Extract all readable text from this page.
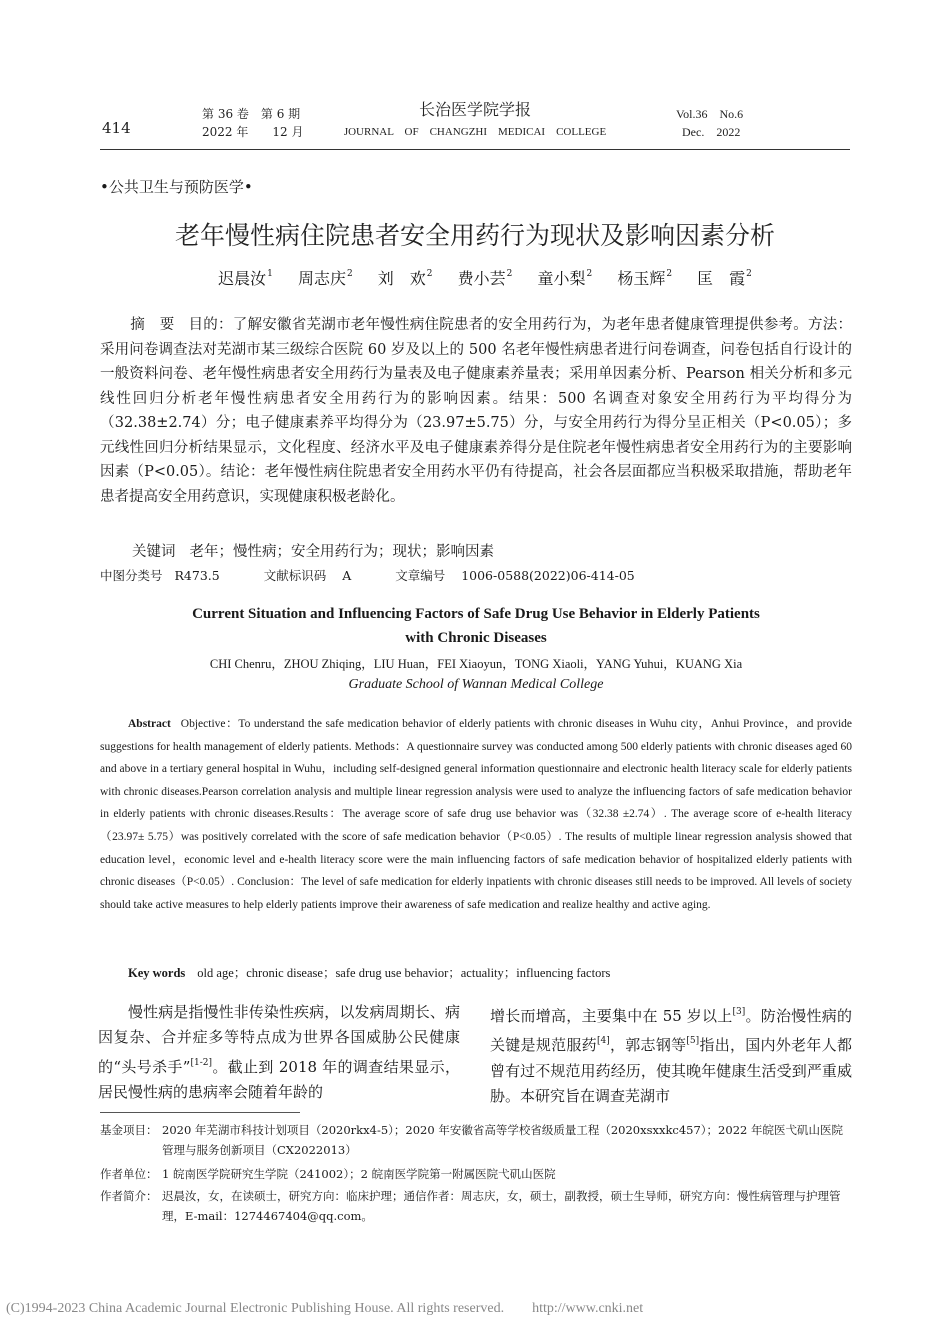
414
第 36 卷　第 6 期
2022 年　　12 月
长治医学院学报
JOURNAL　OF　CHANGZHI　MEDICAI　COLLEGE
Vol.36　No.6
Dec.　2022
•公共卫生与预防医学•
老年慢性病住院患者安全用药行为现状及影响因素分析
迟晨汝$^1$ 周志庆$^2$ 刘　欢$^2$ 费小芸$^2$ 童小梨$^2$ 杨玉辉$^2$ 匡　霞$^2$
摘　要 目的：了解安徽省芜湖市老年慢性病住院患者的安全用药行为，为老年患者健康管理提供参考。方法：采用问卷调查法对芜湖市某三级综合医院 60 岁及以上的 500 名老年慢性病患者进行问卷调查，问卷包括自行设计的一般资料问卷、老年慢性病患者安全用药行为量表及电子健康素养量表；采用单因素分析、Pearson 相关分析和多元线性回归分析老年慢性病患者安全用药行为的影响因素。结果：500 名调查对象安全用药行为平均得分为（32.38±2.74）分；电子健康素养平均得分为（23.97±5.75）分，与安全用药行为得分呈正相关（P<0.05）；多元线性回归分析结果显示，文化程度、经济水平及电子健康素养得分是住院老年慢性病患者安全用药行为的主要影响因素（P<0.05）。结论：老年慢性病住院患者安全用药水平仍有待提高，社会各层面都应当积极采取措施，帮助老年患者提高安全用药意识，实现健康积极老龄化。
关键词 老年；慢性病；安全用药行为；现状；影响因素
中图分类号 R473.5	文献标识码 A	文章编号 1006-0588(2022)06-414-05
Current Situation and Influencing Factors of Safe Drug Use Behavior in Elderly Patients
with Chronic Diseases
CHI Chenru，ZHOU Zhiqing，LIU Huan，FEI Xiaoyun，TONG Xiaoli，YANG Yuhui，KUANG Xia
Graduate School of Wannan Medical College
Abstract Objective：To understand the safe medication behavior of elderly patients with chronic diseases in Wuhu city，Anhui Province，and provide suggestions for health management of elderly patients. Methods：A questionnaire survey was conducted among 500 elderly patients with chronic diseases aged 60 and above in a tertiary general hospital in Wuhu，including self-designed general information questionnaire and electronic health literacy scale for elderly patients with chronic diseases.Pearson correlation analysis and multiple linear regression analysis were used to analyze the influencing factors of safe medication behavior in elderly patients with chronic diseases.Results：The average score of safe drug use behavior was（32.38 ±2.74）. The average score of e-health literacy（23.97± 5.75）was positively correlated with the score of safe medication behavior（P<0.05）. The results of multiple linear regression analysis showed that education level，economic level and e-health literacy score were the main influencing factors of safe medication behavior of hospitalized elderly patients with chronic diseases（P<0.05）. Conclusion：The level of safe medication for elderly inpatients with chronic diseases still needs to be improved. All levels of society should take active measures to help elderly patients improve their awareness of safe medication and realize healthy and active aging.
Key words old age；chronic disease；safe drug use behavior；actuality；influencing factors
慢性病是指慢性非传染性疾病，以发病周期长、病因复杂、合并症多等特点成为世界各国威胁公民健康的“头号杀手”[1-2]。截止到 2018 年的调查结果显示，居民慢性病的患病率会随着年龄的
增长而增高，主要集中在 55 岁以上[3]。防治慢性病的关键是规范服药[4]，郭志钢等[5]指出，国内外老年人都曾有过不规范用药经历，使其晚年健康生活受到严重威胁。本研究旨在调查芜湖市
基金项目： 2020 年芜湖市科技计划项目（2020rkx4-5）；2020 年安徽省高等学校省级质量工程（2020xsxxkc457）；2022 年皖医弋矶山医院管理与服务创新项目（CX2022013）
作者单位： 1 皖南医学院研究生学院（241002）；2 皖南医学院第一附属医院弋矶山医院
作者简介： 迟晨汝，女，在读硕士，研究方向：临床护理；通信作者：周志庆，女，硕士，副教授，硕士生导师，研究方向：慢性病管理与护理管理，E-mail：1274467404@qq.com。
(C)1994-2023 China Academic Journal Electronic Publishing House. All rights reserved.　　http://www.cnki.net
